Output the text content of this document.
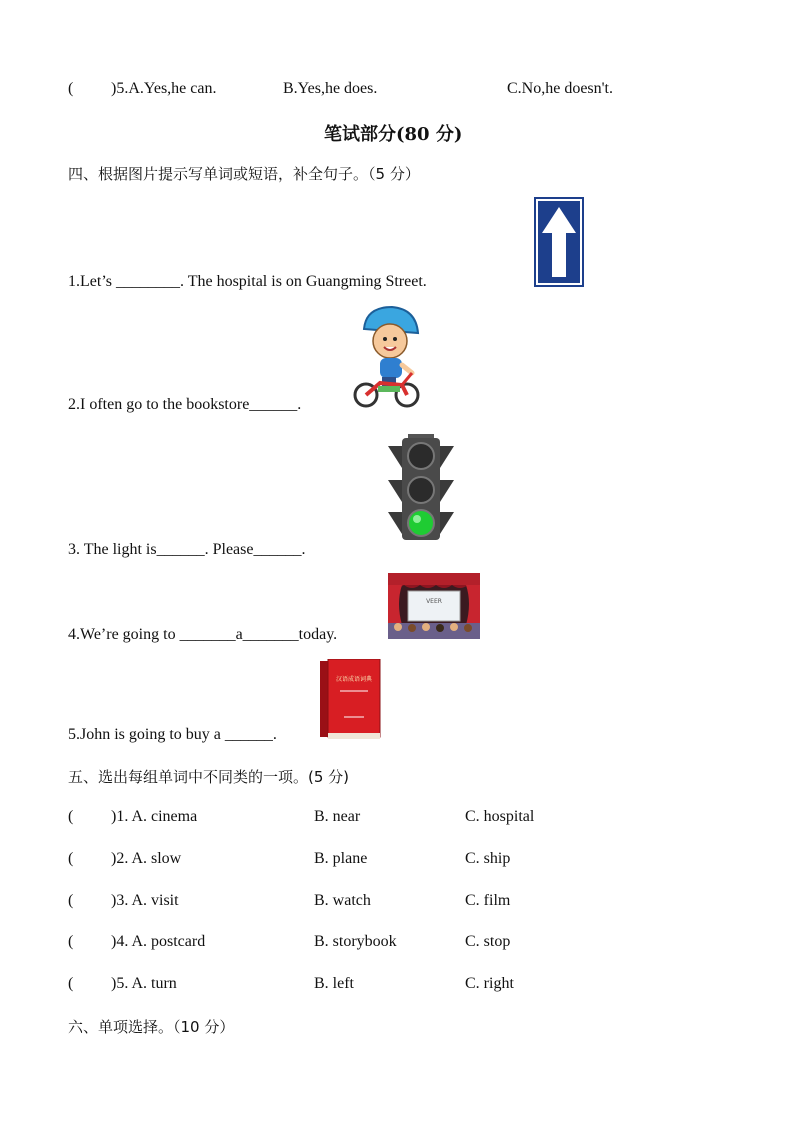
( )5.A.Yes,he can.	B.Yes,he does.	C.No,he doesn't.
笔试部分(80 分)
四、根据图片提示写单词或短语，补全句子。（5 分）
1.Let’s ________. The hospital is on Guangming Street.
2.I often go to the bookstore______.
3. The light is______. Please______.
4.We’re going to _______a_______today.
VEER
5.John is going to buy a ______.
汉语成语词典
五、选出每组单词中不同类的一项。(5 分)
( )1. A. cinema	B. near	C. hospital
( )2. A. slow	B. plane	C. ship
( )3. A. visit	B. watch	C. film
( )4. A. postcard	B. storybook	C. stop
( )5. A. turn	B. left	C. right
六、单项选择。（10 分）
